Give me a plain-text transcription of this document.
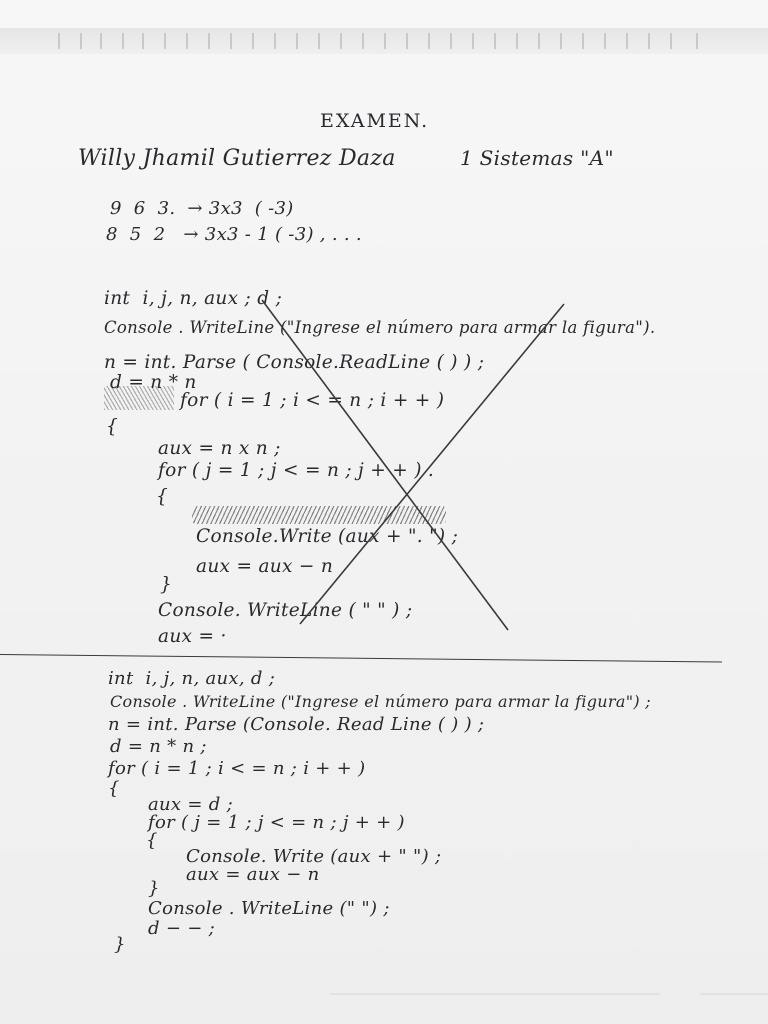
EXAMEN.
Willy Jhamil Gutierrez Daza	1 Sistemas "A"
9  6  3.  → 3x3  ( -3)
8  5  2   → 3x3 - 1 ( -3) , . . .
int  i, j, n, aux ; d ;
Console . WriteLine ("Ingrese el número para armar la figura").
n = int. Parse ( Console.ReadLine ( ) ) ;
d = n * n
for ( i = 1 ; i < = n ; i + + )
{
aux = n x n ;
for ( j = 1 ; j < = n ; j + + ) .
{
Console.Write (aux + ". ") ;
aux = aux − n
}
Console. WriteLine ( " " ) ;
aux = ·
int  i, j, n, aux, d ;
Console . WriteLine ("Ingrese el número para armar la figura") ;
n = int. Parse (Console. Read Line ( ) ) ;
d = n * n ;
for ( i = 1 ; i < = n ; i + + )
{
aux = d ;
for ( j = 1 ; j < = n ; j + + )
{
Console. Write (aux + " ") ;
aux = aux − n
}
Console . WriteLine (" ") ;
d − − ;
}
